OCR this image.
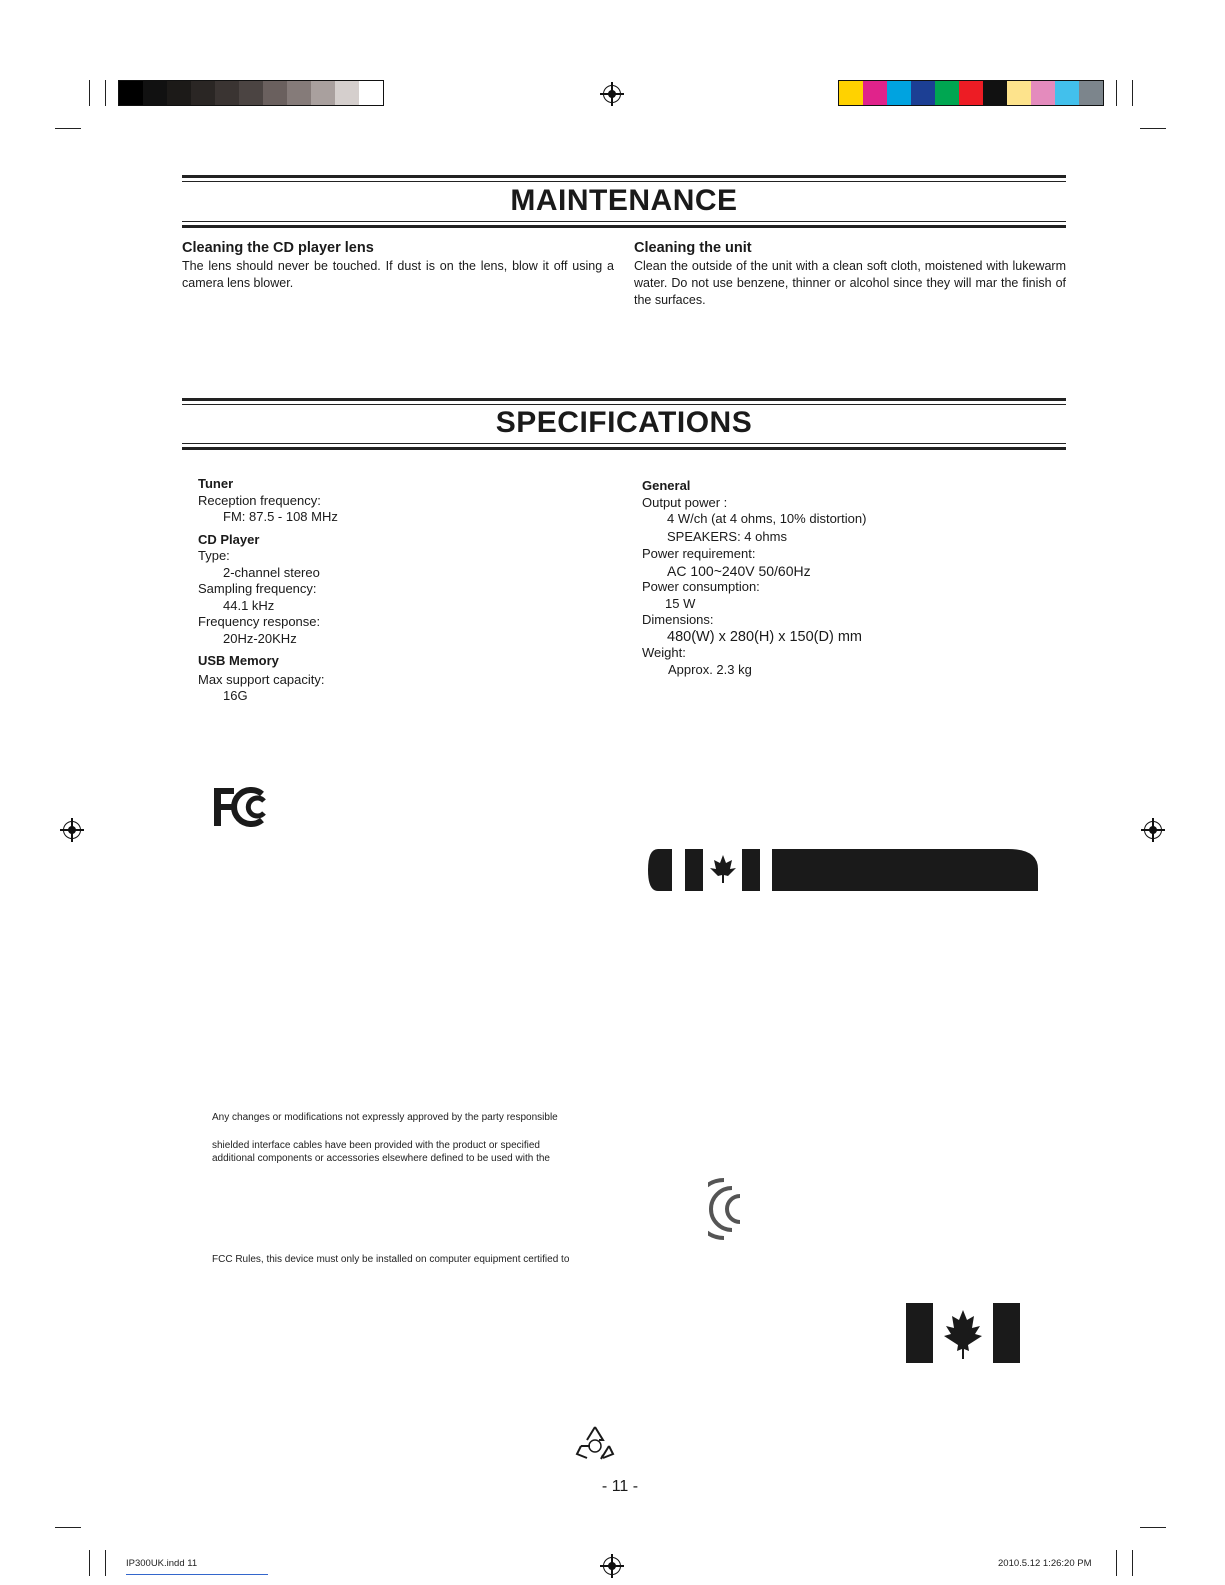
MAINTENANCE

Cleaning the CD player lens

The lens should never be touched. If dust is on the lens, blow it off using a camera lens blower.

Cleaning the unit

Clean the outside of the unit with a clean soft cloth, moistened with lukewarm water. Do not use benzene, thinner or alcohol since they will mar the finish of the surfaces.

SPECIFICATIONS
Tuner
Reception frequency:
FM: 87.5 - 108 MHz
CD Player
Type:
2-channel stereo
Sampling frequency:
44.1 kHz
Frequency response:
20Hz-20KHz
USB Memory
Max support capacity:
16G
General
Output power :
4 W/ch (at 4 ohms, 10% distortion)
SPEAKERS: 4 ohms
Power requirement:
AC 100~240V 50/60Hz
Power consumption:
15 W
Dimensions:
480(W) x 280(H) x 150(D) mm
Weight:
Approx. 2.3 kg
Any changes or modifications not expressly approved by the party responsible
shielded interface cables have been provided with the product or specified
additional components or accessories elsewhere defined to be used with the
FCC Rules, this device must only be installed on computer equipment certified to
- 11 -
IP300UK.indd 11	2010.5.12 1:26:20 PM
